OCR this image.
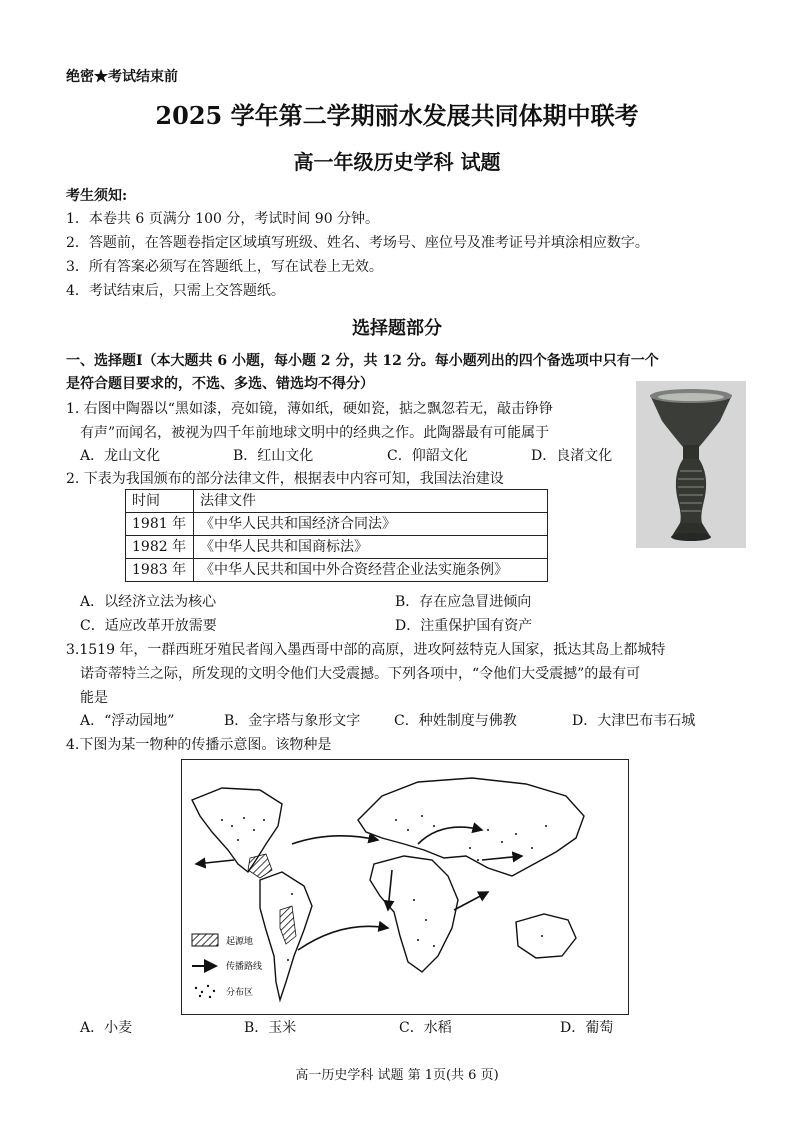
绝密★考试结束前
2025 学年第二学期丽水发展共同体期中联考
高一年级历史学科 试题
考生须知:
1．本卷共 6 页满分 100 分，考试时间 90 分钟。
2．答题前，在答题卷指定区域填写班级、姓名、考场号、座位号及准考证号并填涂相应数字。
3．所有答案必须写在答题纸上，写在试卷上无效。
4．考试结束后，只需上交答题纸。
选择题部分
一、选择题Ⅰ（本大题共 6 小题，每小题 2 分，共 12 分。每小题列出的四个备选项中只有一个
是符合题目要求的，不选、多选、错选均不得分）
1. 右图中陶器以“黑如漆，亮如镜，薄如纸，硬如瓷，掂之飘忽若无，敲击铮铮
有声”而闻名，被视为四千年前地球文明中的经典之作。此陶器最有可能属于
A．龙山文化	B．红山文化	C．仰韶文化	D．良渚文化
2. 下表为我国颁布的部分法律文件，根据表中内容可知，我国法治建设
时间	法律文件
1981 年	《中华人民共和国经济合同法》
1982 年	《中华人民共和国商标法》
1983 年	《中华人民共和国中外合资经营企业法实施条例》
A．以经济立法为核心	B．存在应急冒进倾向
C．适应改革开放需要	D．注重保护国有资产
3.1519 年，一群西班牙殖民者闯入墨西哥中部的高原，进攻阿兹特克人国家，抵达其岛上都城特
诺奇蒂特兰之际，所发现的文明令他们大受震撼。下列各项中，“令他们大受震撼”的最有可
能是
A．“浮动园地”	B．金字塔与象形文字 C．种姓制度与佛教	D．大津巴布韦石城
4.下图为某一物种的传播示意图。该物种是
起源地
传播路线
分布区
A．小麦	B．玉米	C．水稻	D．葡萄
高一历史学科 试题 第 1页(共 6 页)
